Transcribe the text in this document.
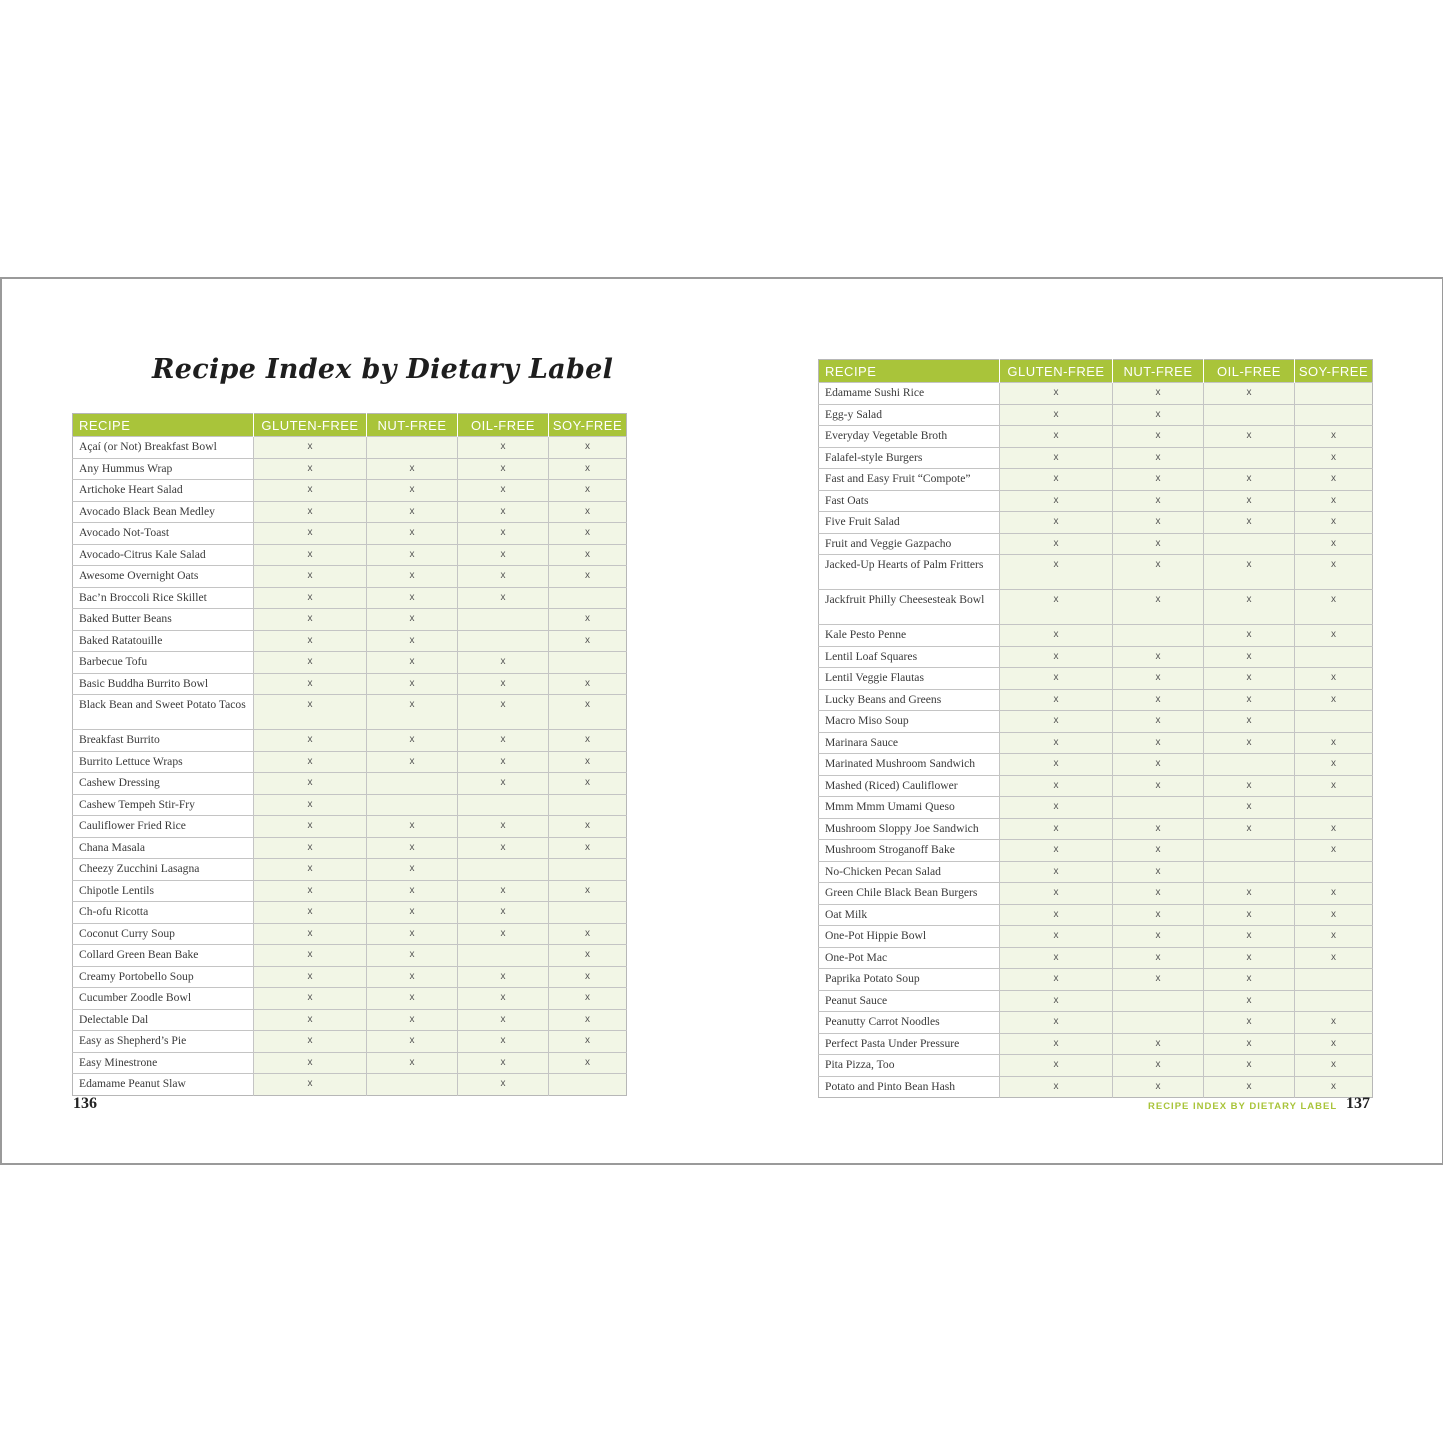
Recipe Index by Dietary Label
RECIPE	GLUTEN-FREE	NUT-FREE	OIL-FREE	SOY-FREE
Açaí (or Not) Breakfast Bowl	x		x	x
Any Hummus Wrap	x	x	x	x
Artichoke Heart Salad	x	x	x	x
Avocado Black Bean Medley	x	x	x	x
Avocado Not-Toast	x	x	x	x
Avocado-Citrus Kale Salad	x	x	x	x
Awesome Overnight Oats	x	x	x	x
Bac’n Broccoli Rice Skillet	x	x	x	
Baked Butter Beans	x	x		x
Baked Ratatouille	x	x		x
Barbecue Tofu	x	x	x	
Basic Buddha Burrito Bowl	x	x	x	x
Black Bean and Sweet Potato Tacos	x	x	x	x
Breakfast Burrito	x	x	x	x
Burrito Lettuce Wraps	x	x	x	x
Cashew Dressing	x		x	x
Cashew Tempeh Stir-Fry	x			
Cauliflower Fried Rice	x	x	x	x
Chana Masala	x	x	x	x
Cheezy Zucchini Lasagna	x	x		
Chipotle Lentils	x	x	x	x
Ch-ofu Ricotta	x	x	x	
Coconut Curry Soup	x	x	x	x
Collard Green Bean Bake	x	x		x
Creamy Portobello Soup	x	x	x	x
Cucumber Zoodle Bowl	x	x	x	x
Delectable Dal	x	x	x	x
Easy as Shepherd’s Pie	x	x	x	x
Easy Minestrone	x	x	x	x
Edamame Peanut Slaw	x		x	
RECIPE	GLUTEN-FREE	NUT-FREE	OIL-FREE	SOY-FREE
Edamame Sushi Rice	x	x	x	
Egg-y Salad	x	x		
Everyday Vegetable Broth	x	x	x	x
Falafel-style Burgers	x	x		x
Fast and Easy Fruit “Compote”	x	x	x	x
Fast Oats	x	x	x	x
Five Fruit Salad	x	x	x	x
Fruit and Veggie Gazpacho	x	x		x
Jacked-Up Hearts of Palm Fritters	x	x	x	x
Jackfruit Philly Cheesesteak Bowl	x	x	x	x
Kale Pesto Penne	x		x	x
Lentil Loaf Squares	x	x	x	
Lentil Veggie Flautas	x	x	x	x
Lucky Beans and Greens	x	x	x	x
Macro Miso Soup	x	x	x	
Marinara Sauce	x	x	x	x
Marinated Mushroom Sandwich	x	x		x
Mashed (Riced) Cauliflower	x	x	x	x
Mmm Mmm Umami Queso	x		x	
Mushroom Sloppy Joe Sandwich	x	x	x	x
Mushroom Stroganoff Bake	x	x		x
No-Chicken Pecan Salad	x	x		
Green Chile Black Bean Burgers	x	x	x	x
Oat Milk	x	x	x	x
One-Pot Hippie Bowl	x	x	x	x
One-Pot Mac	x	x	x	x
Paprika Potato Soup	x	x	x	
Peanut Sauce	x		x	
Peanutty Carrot Noodles	x		x	x
Perfect Pasta Under Pressure	x	x	x	x
Pita Pizza, Too	x	x	x	x
Potato and Pinto Bean Hash	x	x	x	x
136	RECIPE INDEX BY DIETARY LABEL 137
